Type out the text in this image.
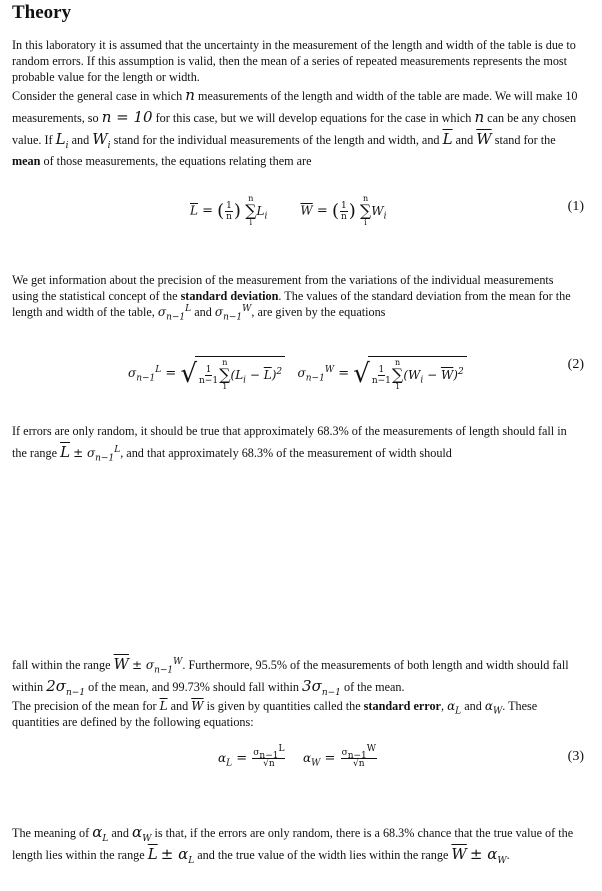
Theory
In this laboratory it is assumed that the uncertainty in the measurement of the length and width of the table is due to random errors. If this assumption is valid, then the mean of a series of repeated measurements represents the most probable value for the length or width.
Consider the general case in which n measurements of the length and width of the table are made. We will make 10 measurements, so n = 10 for this case, but we will develop equations for the case in which n can be any chosen value. If $L_i$ and $W_i$ stand for the individual measurements of the length and width, and $\overline{L}$ and $\overline{W}$ stand for the mean of those measurements, the equations relating them are
$\overline{L}$ = ( $\frac{1}{n}$ )
n
∑
i
$L_i$	$\overline{W}$ = ( $\frac{1}{n}$ )
n
∑
i
$W_i$
(1)
We get information about the precision of the measurement from the variations of the individual measurements using the statistical concept of the standard deviation. The values of the standard deviation from the mean for the length and width of the table, $\sigma_{n-1}^L$ and $\sigma_{n-1}^W$, are given by the equations
$\sigma_{n-1}^L$ = √ $\frac{1}{n-1}$
n
∑
1
$(L_i - \overline{L})^2$ $\sigma_{n-1}^W$ = √ $\frac{1}{n-1}$
n
∑
1
$(W_i - \overline{W})^2$	(2)
If errors are only random, it should be true that approximately 68.3% of the measurements of length should fall in the range $\overline{L} \pm \sigma_{n-1}^L$, and that approximately 68.3% of the measurement of width should
fall within the range $\overline{W} \pm \sigma_{n-1}^W$. Furthermore, 95.5% of the measurements of both length and width should fall within $2\sigma_{n-1}$ of the mean, and 99.73% should fall within $3\sigma_{n-1}$ of the mean.
The precision of the mean for $\overline{L}$ and $\overline{W}$ is given by quantities called the standard error, $\alpha_L$ and $\alpha_W$. These quantities are defined by the following equations:
$\alpha_L = \frac{\sigma_{n-1}^L}{√n} \alpha_W = \frac{\sigma_{n-1}^W}{√n}$	(3)
The meaning of $\alpha_L$ and $\alpha_W$ is that, if the errors are only random, there is a 68.3% chance that the true value of the length lies within the range $\overline{L} \pm \alpha_L$ and the true value of the width lies within the range $\overline{W} \pm \alpha_W$.
